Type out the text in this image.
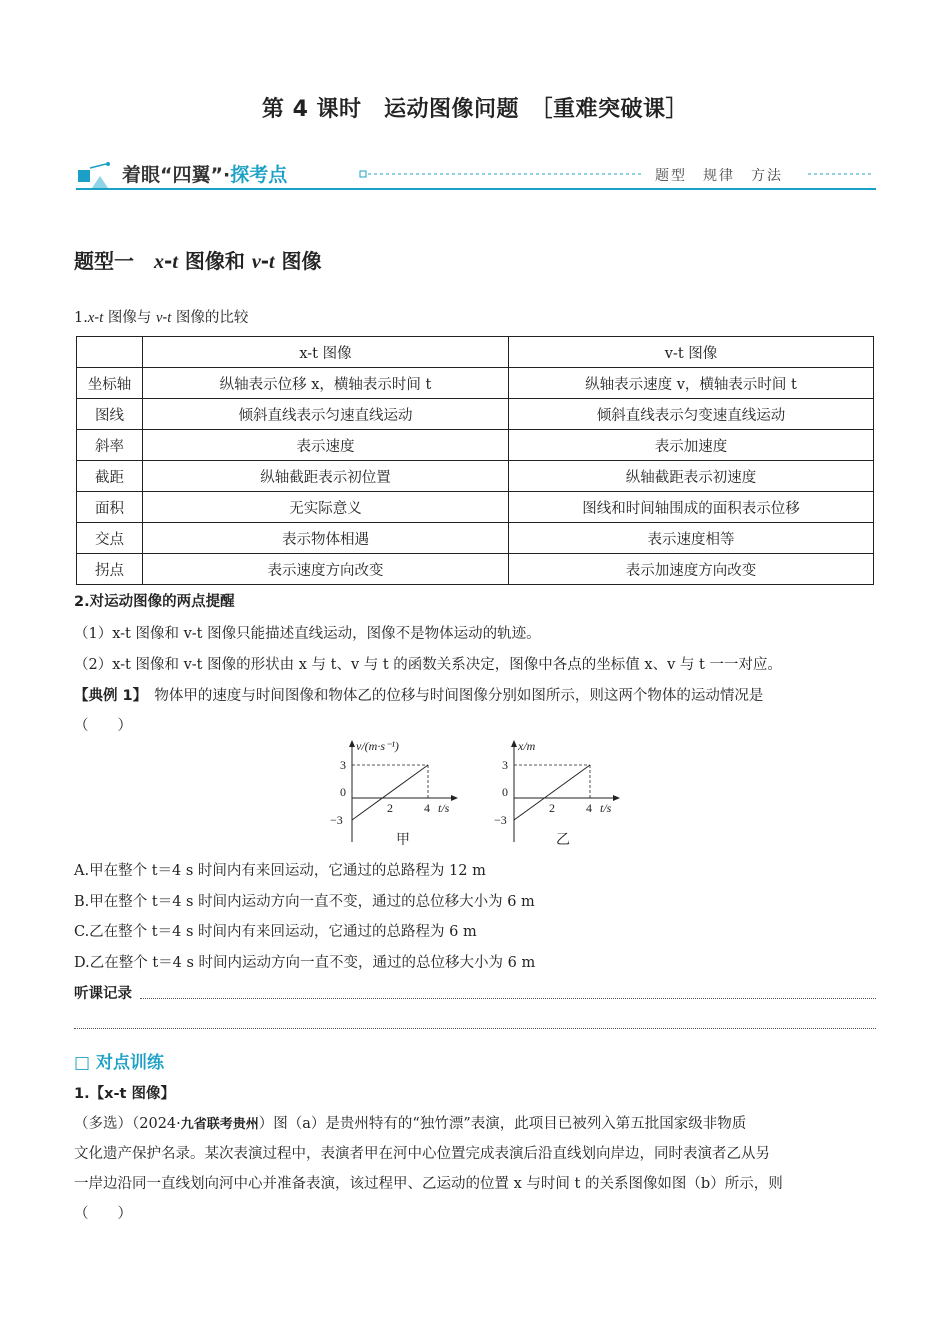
第 4 课时　运动图像问题　［重难突破课］
着眼“四翼”·探考点	题型　规律　方法
题型一　x-t 图像和 v-t 图像
1.x-t 图像与 v-t 图像的比较
	x-t 图像	v-t 图像
坐标轴	纵轴表示位移 x，横轴表示时间 t	纵轴表示速度 v，横轴表示时间 t
图线	倾斜直线表示匀速直线运动	倾斜直线表示匀变速直线运动
斜率	表示速度	表示加速度
截距	纵轴截距表示初位置	纵轴截距表示初速度
面积	无实际意义	图线和时间轴围成的面积表示位移
交点	表示物体相遇	表示速度相等
拐点	表示速度方向改变	表示加速度方向改变
2.对运动图像的两点提醒
（1）x-t 图像和 v-t 图像只能描述直线运动，图像不是物体运动的轨迹。
（2）x-t 图像和 v-t 图像的形状由 x 与 t、v 与 t 的函数关系决定，图像中各点的坐标值 x、v 与 t 一一对应。
【典例 1】　物体甲的速度与时间图像和物体乙的位移与时间图像分别如图所示，则这两个物体的运动情况是
（　　）
v/(m·s⁻¹)
3
0
−3
2	4 t/s
甲
x/m
3
0
−3
2	4 t/s
乙
A.甲在整个 t＝4 s 时间内有来回运动，它通过的总路程为 12 m
B.甲在整个 t＝4 s 时间内运动方向一直不变，通过的总位移大小为 6 m
C.乙在整个 t＝4 s 时间内有来回运动，它通过的总路程为 6 m
D.乙在整个 t＝4 s 时间内运动方向一直不变，通过的总位移大小为 6 m
听课记录
□ 对点训练
1.【x-t 图像】
（多选）（2024·九省联考贵州）图（a）是贵州特有的“独竹漂”表演，此项目已被列入第五批国家级非物质
文化遗产保护名录。某次表演过程中，表演者甲在河中心位置完成表演后沿直线划向岸边，同时表演者乙从另
一岸边沿同一直线划向河中心并准备表演，该过程甲、乙运动的位置 x 与时间 t 的关系图像如图（b）所示，则
（　　）
